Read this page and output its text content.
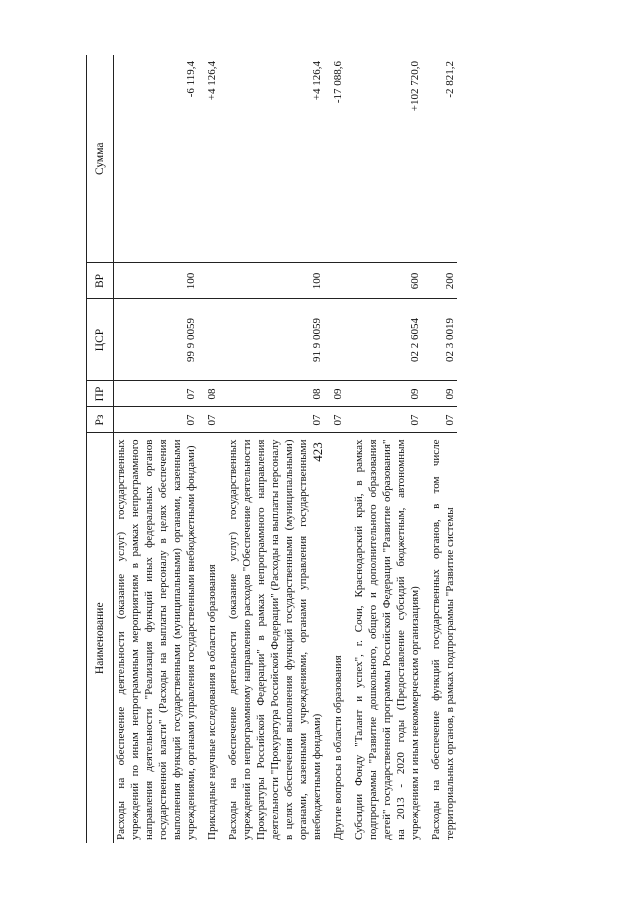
423
Наименование	Рз	ПР	ЦСР	ВР	Сумма
Расходы на обеспечение деятельности (оказание услуг) государственных учреждений по иным непрограммным мероприятиям в рамках непрограммного направления деятельности "Реализация функций иных федеральных органов государственной власти" (Расходы на выплаты персоналу в целях обеспечения выполнения функций государственными (муниципальными) органами, казенными учреждениями, органами управления государственными внебюджетными фондами)	07	07	99 9 0059	100	-6 119,4
Прикладные научные исследования в области образования	07	08			+4 126,4
Расходы на обеспечение деятельности (оказание услуг) государственных учреждений по непрограммному направлению расходов "Обеспечение деятельности Прокуратуры Российской Федерации" в рамках непрограммного направления деятельности "Прокуратура Российской Федерации" (Расходы на выплаты персоналу в целях обеспечения выполнения функций государственными (муниципальными) органами, казенными учреждениями, органами управления государственными внебюджетными фондами)	07	08	91 9 0059	100	+4 126,4
Другие вопросы в области образования	07	09			-17 088,6
Субсидии Фонду "Талант и успех", г. Сочи, Краснодарский край, в рамках подпрограммы "Развитие дошкольного, общего и дополнительного образования детей" государственной программы Российской Федерации "Развитие образования" на 2013 - 2020 годы (Предоставление субсидий бюджетным, автономным учреждениям и иным некоммерческим организациям)	07	09	02 2 6054	600	+102 720,0
Расходы на обеспечение функций государственных органов, в том числе территориальных органов, в рамках подпрограммы "Развитие системы	07	09	02 3 0019	200	-2 821,2
